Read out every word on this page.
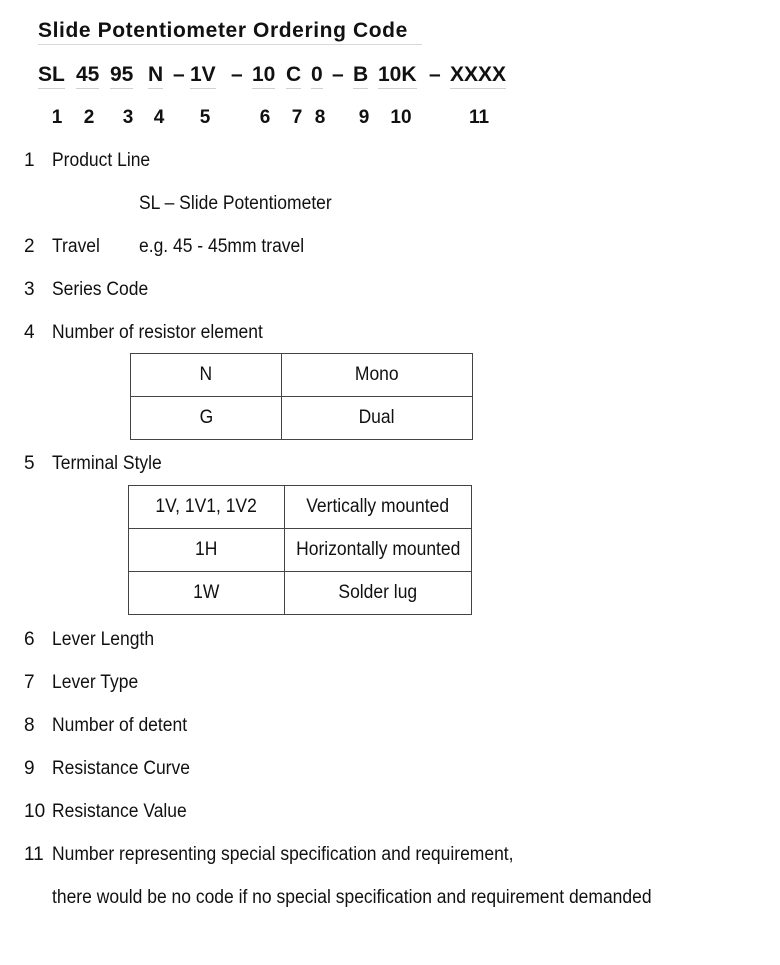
Slide Potentiometer Ordering Code
SL 45 95 N – 1V – 10 C 0 – B 10K – XXXX
1 2 3 4 5	6 7 8 9 10	11
1 Product Line
SL – Slide Potentiometer
2 Travel e.g. 45 - 45mm travel
3 Series Code
4 Number of resistor element
N	Mono
G	Dual
5 Terminal Style
1V, 1V1, 1V2	Vertically mounted
1H	Horizontally mounted
1W	Solder lug
6 Lever Length
7 Lever Type
8 Number of detent
9 Resistance Curve
10 Resistance Value
11 Number representing special specification and requirement,
there would be no code if no special specification and requirement demanded
